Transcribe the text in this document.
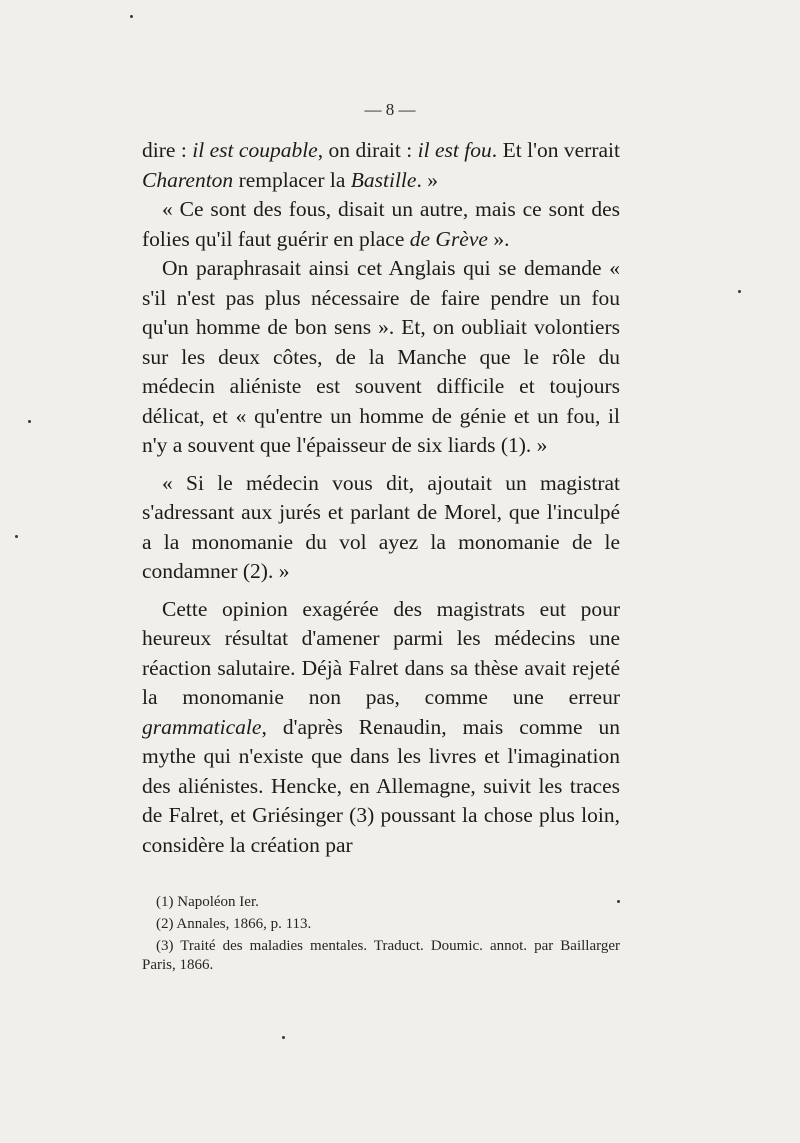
— 8 —

dire : il est coupable, on dirait : il est fou. Et l'on verrait Charenton remplacer la Bastille. »

« Ce sont des fous, disait un autre, mais ce sont des folies qu'il faut guérir en place de Grève ».

On paraphrasait ainsi cet Anglais qui se demande « s'il n'est pas plus nécessaire de faire pendre un fou qu'un homme de bon sens ». Et, on oubliait volontiers sur les deux côtes, de la Manche que le rôle du médecin aliéniste est souvent difficile et toujours délicat, et « qu'entre un homme de génie et un fou, il n'y a souvent que l'épaisseur de six liards (1). »

« Si le médecin vous dit, ajoutait un magistrat s'adressant aux jurés et parlant de Morel, que l'inculpé a la monomanie du vol ayez la monomanie de le condamner (2). »

Cette opinion exagérée des magistrats eut pour heureux résultat d'amener parmi les médecins une réaction salutaire. Déjà Falret dans sa thèse avait rejeté la monomanie non pas, comme une erreur grammaticale, d'après Renaudin, mais comme un mythe qui n'existe que dans les livres et l'imagination des aliénistes. Hencke, en Allemagne, suivit les traces de Falret, et Griésinger (3) poussant la chose plus loin, considère la création par

(1) Napoléon Ier.

(2) Annales, 1866, p. 113.

(3) Traité des maladies mentales. Traduct. Doumic. annot. par Baillarger Paris, 1866.
